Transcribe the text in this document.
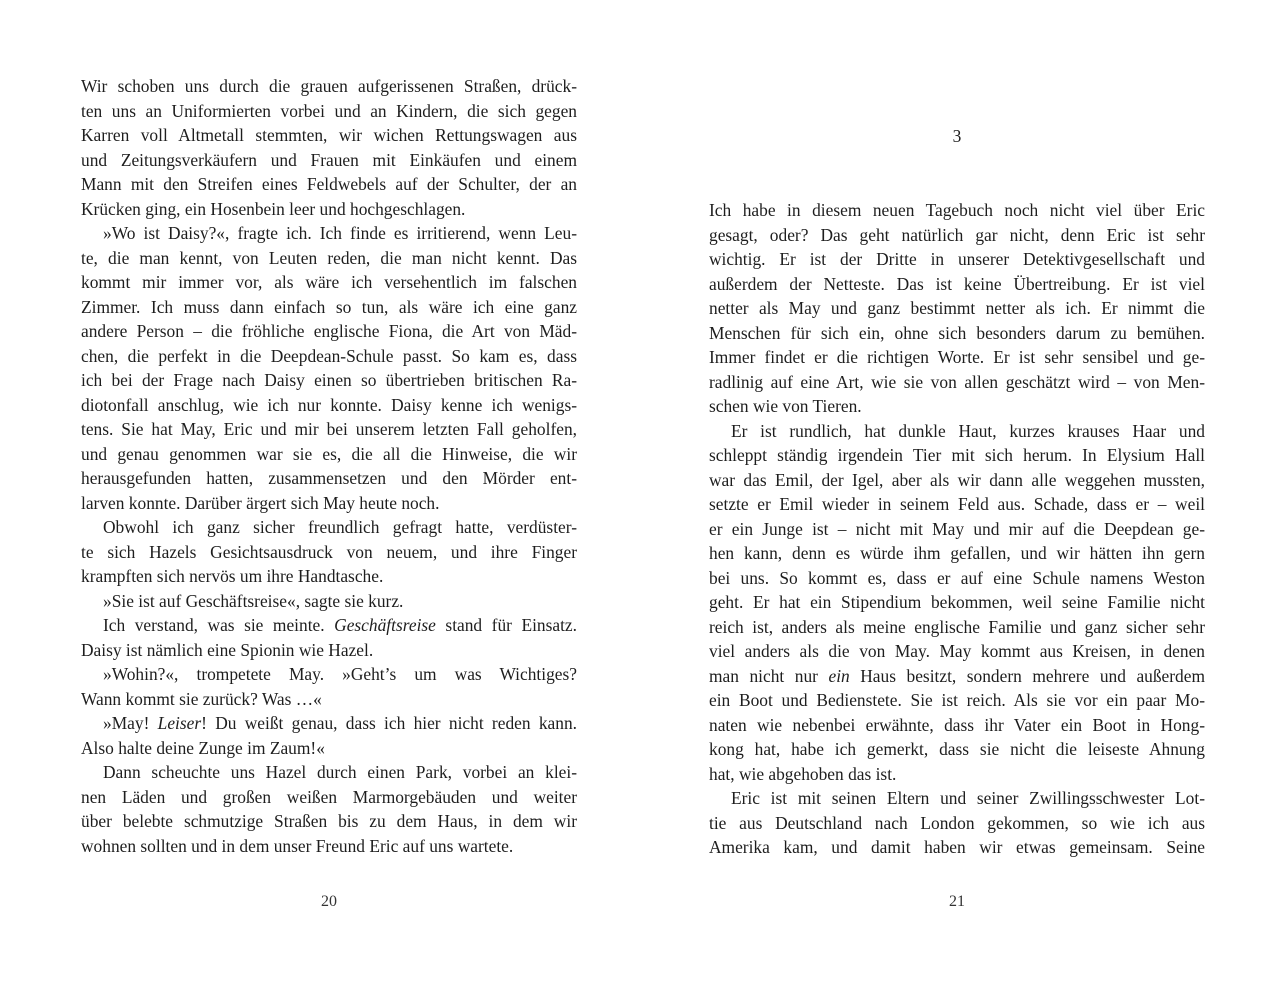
Wir schoben uns durch die grauen aufgerissenen Straßen, drück-
ten uns an Uniformierten vorbei und an Kindern, die sich gegen
Karren voll Altmetall stemmten, wir wichen Rettungswagen aus
und Zeitungsverkäufern und Frauen mit Einkäufen und einem
Mann mit den Streifen eines Feldwebels auf der Schulter, der an
Krücken ging, ein Hosenbein leer und hochgeschlagen.
»Wo ist Daisy?«, fragte ich. Ich finde es irritierend, wenn Leu-
te, die man kennt, von Leuten reden, die man nicht kennt. Das
kommt mir immer vor, als wäre ich versehentlich im falschen
Zimmer. Ich muss dann einfach so tun, als wäre ich eine ganz
andere Person – die fröhliche englische Fiona, die Art von Mäd-
chen, die perfekt in die Deepdean-Schule passt. So kam es, dass
ich bei der Frage nach Daisy einen so übertrieben britischen Ra-
diotonfall anschlug, wie ich nur konnte. Daisy kenne ich wenigs-
tens. Sie hat May, Eric und mir bei unserem letzten Fall geholfen,
und genau genommen war sie es, die all die Hinweise, die wir
herausgefunden hatten, zusammensetzen und den Mörder ent-
larven konnte. Darüber ärgert sich May heute noch.
Obwohl ich ganz sicher freundlich gefragt hatte, verdüster-
te sich Hazels Gesichtsausdruck von neuem, und ihre Finger
krampften sich nervös um ihre Handtasche.
»Sie ist auf Geschäftsreise«, sagte sie kurz.
Ich verstand, was sie meinte. Geschäftsreise stand für Einsatz.
Daisy ist nämlich eine Spionin wie Hazel.
»Wohin?«, trompetete May. »Geht’s um was Wichtiges?
Wann kommt sie zurück? Was …«
»May! Leiser! Du weißt genau, dass ich hier nicht reden kann.
Also halte deine Zunge im Zaum!«
Dann scheuchte uns Hazel durch einen Park, vorbei an klei-
nen Läden und großen weißen Marmorgebäuden und weiter
über belebte schmutzige Straßen bis zu dem Haus, in dem wir
wohnen sollten und in dem unser Freund Eric auf uns wartete.
20
3
Ich habe in diesem neuen Tagebuch noch nicht viel über Eric
gesagt, oder? Das geht natürlich gar nicht, denn Eric ist sehr
wichtig. Er ist der Dritte in unserer Detektivgesellschaft und
außerdem der Netteste. Das ist keine Übertreibung. Er ist viel
netter als May und ganz bestimmt netter als ich. Er nimmt die
Menschen für sich ein, ohne sich besonders darum zu bemühen.
Immer findet er die richtigen Worte. Er ist sehr sensibel und ge-
radlinig auf eine Art, wie sie von allen geschätzt wird – von Men-
schen wie von Tieren.
Er ist rundlich, hat dunkle Haut, kurzes krauses Haar und
schleppt ständig irgendein Tier mit sich herum. In Elysium Hall
war das Emil, der Igel, aber als wir dann alle weggehen mussten,
setzte er Emil wieder in seinem Feld aus. Schade, dass er – weil
er ein Junge ist – nicht mit May und mir auf die Deepdean ge-
hen kann, denn es würde ihm gefallen, und wir hätten ihn gern
bei uns. So kommt es, dass er auf eine Schule namens Weston
geht. Er hat ein Stipendium bekommen, weil seine Familie nicht
reich ist, anders als meine englische Familie und ganz sicher sehr
viel anders als die von May. May kommt aus Kreisen, in denen
man nicht nur ein Haus besitzt, sondern mehrere und außerdem
ein Boot und Bedienstete. Sie ist reich. Als sie vor ein paar Mo-
naten wie nebenbei erwähnte, dass ihr Vater ein Boot in Hong-
kong hat, habe ich gemerkt, dass sie nicht die leiseste Ahnung
hat, wie abgehoben das ist.
Eric ist mit seinen Eltern und seiner Zwillingsschwester Lot-
tie aus Deutschland nach London gekommen, so wie ich aus
Amerika kam, und damit haben wir etwas gemeinsam. Seine
21
